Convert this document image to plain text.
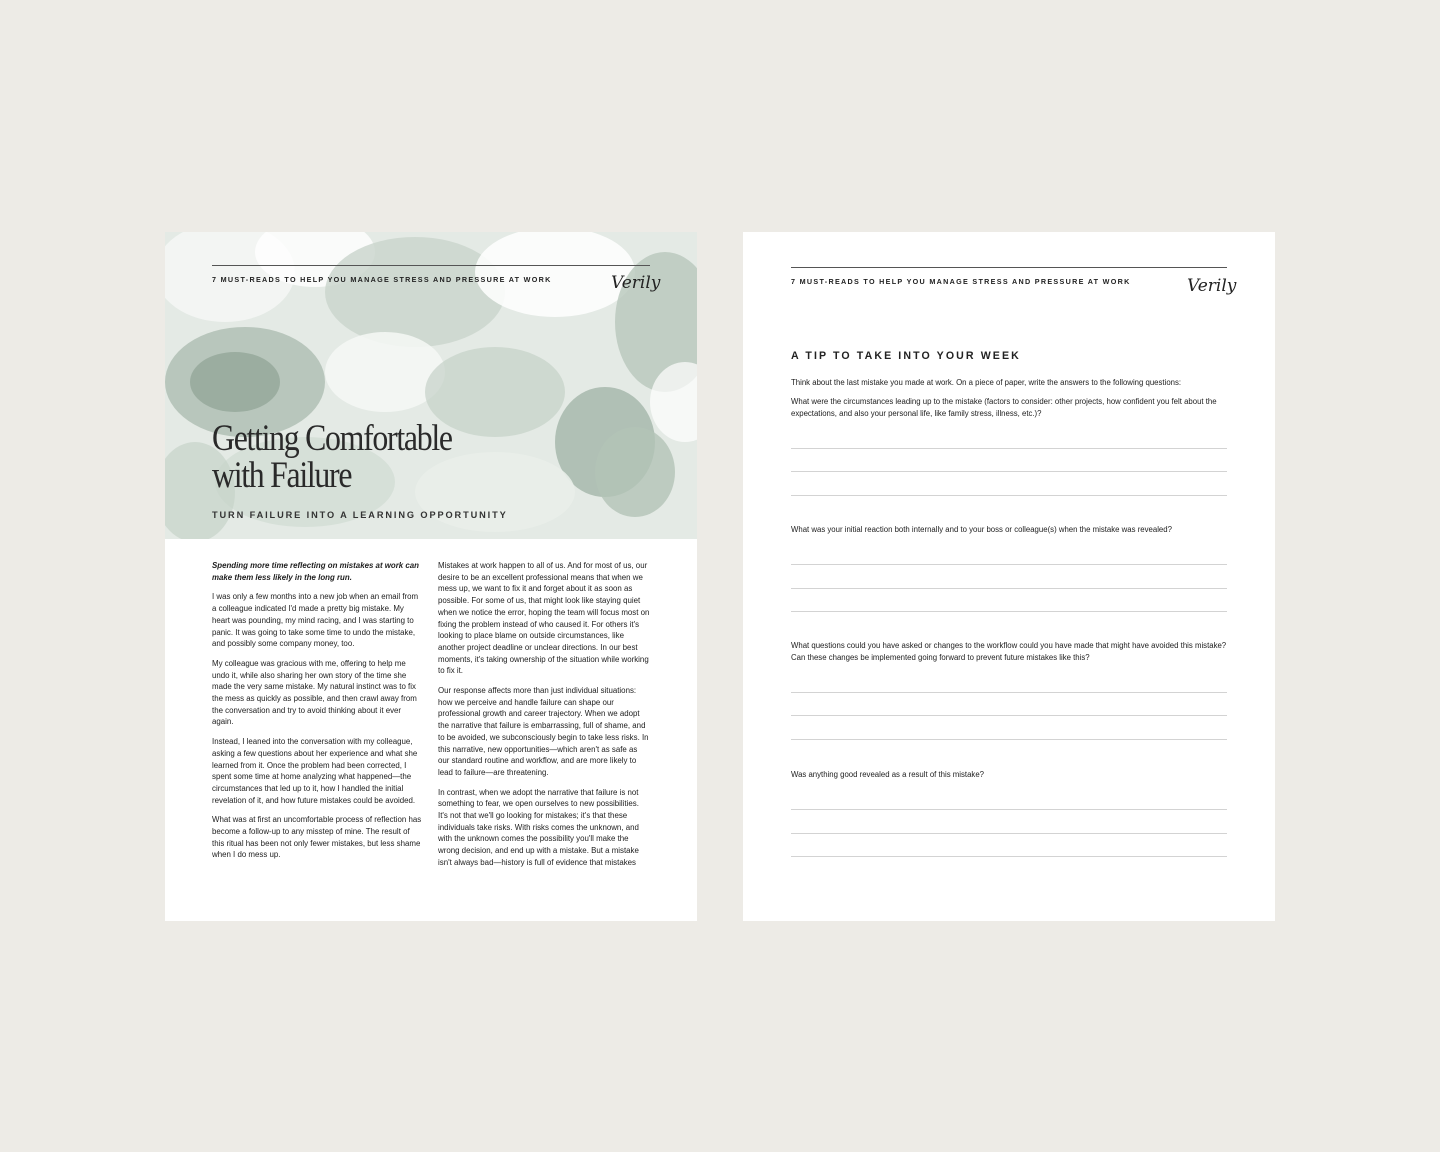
7 MUST-READS TO HELP YOU MANAGE STRESS AND PRESSURE AT WORK	Verily
Getting Comfortable
with Failure
TURN FAILURE INTO A LEARNING OPPORTUNITY

Spending more time reflecting on mistakes at work can make them less likely in the long run.

I was only a few months into a new job when an email from a colleague indicated I'd made a pretty big mistake. My heart was pounding, my mind racing, and I was starting to panic. It was going to take some time to undo the mistake, and possibly some company money, too.

My colleague was gracious with me, offering to help me undo it, while also sharing her own story of the time she made the very same mistake. My natural instinct was to fix the mess as quickly as possible, and then crawl away from the conversation and try to avoid thinking about it ever again.

Instead, I leaned into the conversation with my colleague, asking a few questions about her experience and what she learned from it. Once the problem had been corrected, I spent some time at home analyzing what happened—the circumstances that led up to it, how I handled the initial revelation of it, and how future mistakes could be avoided.

What was at first an uncomfortable process of reflection has become a follow-up to any misstep of mine. The result of this ritual has been not only fewer mistakes, but less shame when I do mess up.

Mistakes at work happen to all of us. And for most of us, our desire to be an excellent professional means that when we mess up, we want to fix it and forget about it as soon as possible. For some of us, that might look like staying quiet when we notice the error, hoping the team will focus most on fixing the problem instead of who caused it. For others it's looking to place blame on outside circumstances, like another project deadline or unclear directions. In our best moments, it's taking ownership of the situation while working to fix it.

Our response affects more than just individual situations: how we perceive and handle failure can shape our professional growth and career trajectory. When we adopt the narrative that failure is embarrassing, full of shame, and to be avoided, we subconsciously begin to take less risks. In this narrative, new opportunities—which aren't as safe as our standard routine and workflow, and are more likely to lead to failure—are threatening.

In contrast, when we adopt the narrative that failure is not something to fear, we open ourselves to new possibilities. It's not that we'll go looking for mistakes; it's that these individuals take risks. With risks comes the unknown, and with the unknown comes the possibility you'll make the wrong decision, and end up with a mistake. But a mistake isn't always bad—history is full of evidence that mistakes

7 MUST-READS TO HELP YOU MANAGE STRESS AND PRESSURE AT WORK	Verily
A TIP TO TAKE INTO YOUR WEEK
Think about the last mistake you made at work. On a piece of paper, write the answers to the following questions:
What were the circumstances leading up to the mistake (factors to consider: other projects, how confident you felt about the expectations, and also your personal life, like family stress, illness, etc.)?
What was your initial reaction both internally and to your boss or colleague(s) when the mistake was revealed?
What questions could you have asked or changes to the workflow could you have made that might have avoided this mistake? Can these changes be implemented going forward to prevent future mistakes like this?
Was anything good revealed as a result of this mistake?
